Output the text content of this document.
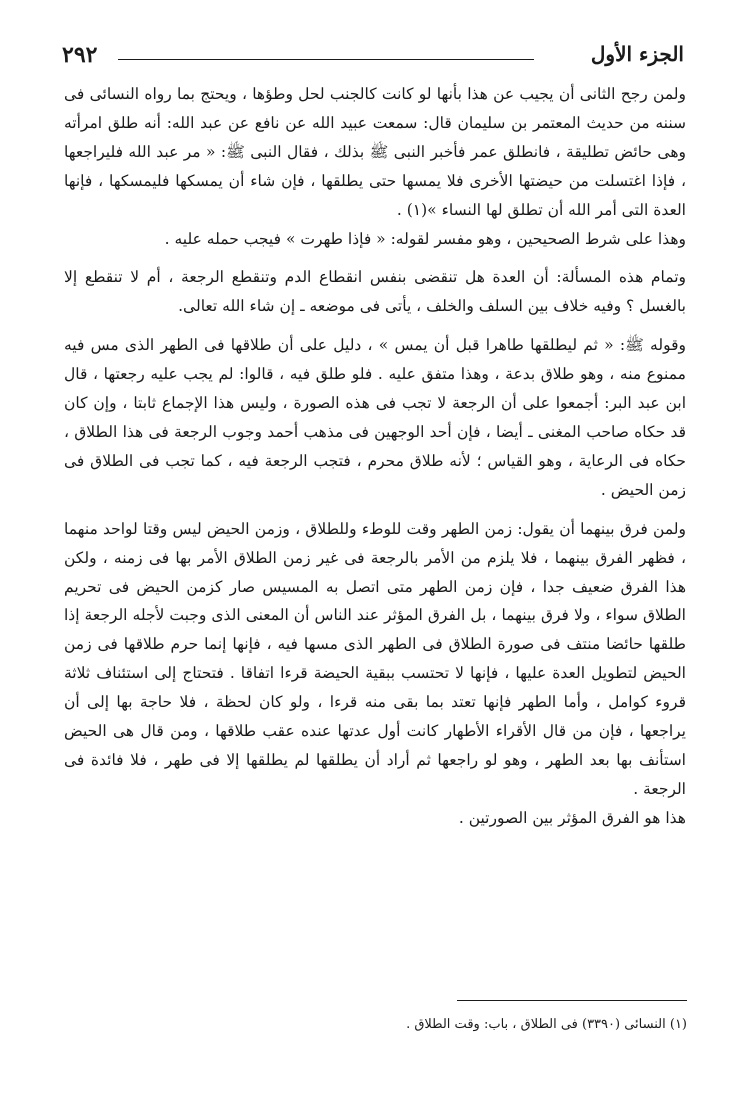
٢٩٢	الجزء الأول

ولمن رجح الثانى أن يجيب عن هذا بأنها لو كانت كالجنب لحل وطؤها ، ويحتج بما رواه النسائى فى سننه من حديث المعتمر بن سليمان قال: سمعت عبيد الله عن نافع عن عبد الله: أنه طلق امرأته وهى حائض تطليقة ، فانطلق عمر فأخبر النبى ﷺ بذلك ، فقال النبى ﷺ: « مر عبد الله فليراجعها ، فإذا اغتسلت من حيضتها الأخرى فلا يمسها حتى يطلقها ، فإن شاء أن يمسكها فليمسكها ، فإنها العدة التى أمر الله أن تطلق لها النساء »(١) .

وهذا على شرط الصحيحين ، وهو مفسر لقوله: « فإذا طهرت » فيجب حمله عليه .

وتمام هذه المسألة: أن العدة هل تنقضى بنفس انقطاع الدم وتنقطع الرجعة ، أم لا تنقطع إلا بالغسل ؟ وفيه خلاف بين السلف والخلف ، يأتى فى موضعه ـ إن شاء الله تعالى.

وقوله ﷺ: « ثم ليطلقها طاهرا قبل أن يمس » ، دليل على أن طلاقها فى الطهر الذى مس فيه ممنوع منه ، وهو طلاق بدعة ، وهذا متفق عليه . فلو طلق فيه ، قالوا: لم يجب عليه رجعتها ، قال ابن عبد البر: أجمعوا على أن الرجعة لا تجب فى هذه الصورة ، وليس هذا الإجماع ثابتا ، وإن كان قد حكاه صاحب المغنى ـ أيضا ، فإن أحد الوجهين فى مذهب أحمد وجوب الرجعة فى هذا الطلاق ، حكاه فى الرعاية ، وهو القياس ؛ لأنه طلاق محرم ، فتجب الرجعة فيه ، كما تجب فى الطلاق فى زمن الحيض .

ولمن فرق بينهما أن يقول: زمن الطهر وقت للوطء وللطلاق ، وزمن الحيض ليس وقتا لواحد منهما ، فظهر الفرق بينهما ، فلا يلزم من الأمر بالرجعة فى غير زمن الطلاق الأمر بها فى زمنه ، ولكن هذا الفرق ضعيف جدا ، فإن زمن الطهر متى اتصل به المسيس صار كزمن الحيض فى تحريم الطلاق سواء ، ولا فرق بينهما ، بل الفرق المؤثر عند الناس أن المعنى الذى وجبت لأجله الرجعة إذا طلقها حائضا منتف فى صورة الطلاق فى الطهر الذى مسها فيه ، فإنها إنما حرم طلاقها فى زمن الحيض لتطويل العدة عليها ، فإنها لا تحتسب ببقية الحيضة قرءا اتفاقا . فتحتاج إلى استئناف ثلاثة قروء كوامل ، وأما الطهر فإنها تعتد بما بقى منه قرءا ، ولو كان لحظة ، فلا حاجة بها إلى أن يراجعها ، فإن من قال الأقراء الأطهار كانت أول عدتها عنده عقب طلاقها ، ومن قال هى الحيض استأنف بها بعد الطهر ، وهو لو راجعها ثم أراد أن يطلقها لم يطلقها إلا فى طهر ، فلا فائدة فى الرجعة .

هذا هو الفرق المؤثر بين الصورتين .

(١) النسائى (٣٣٩٠) فى الطلاق ، باب: وقت الطلاق .
